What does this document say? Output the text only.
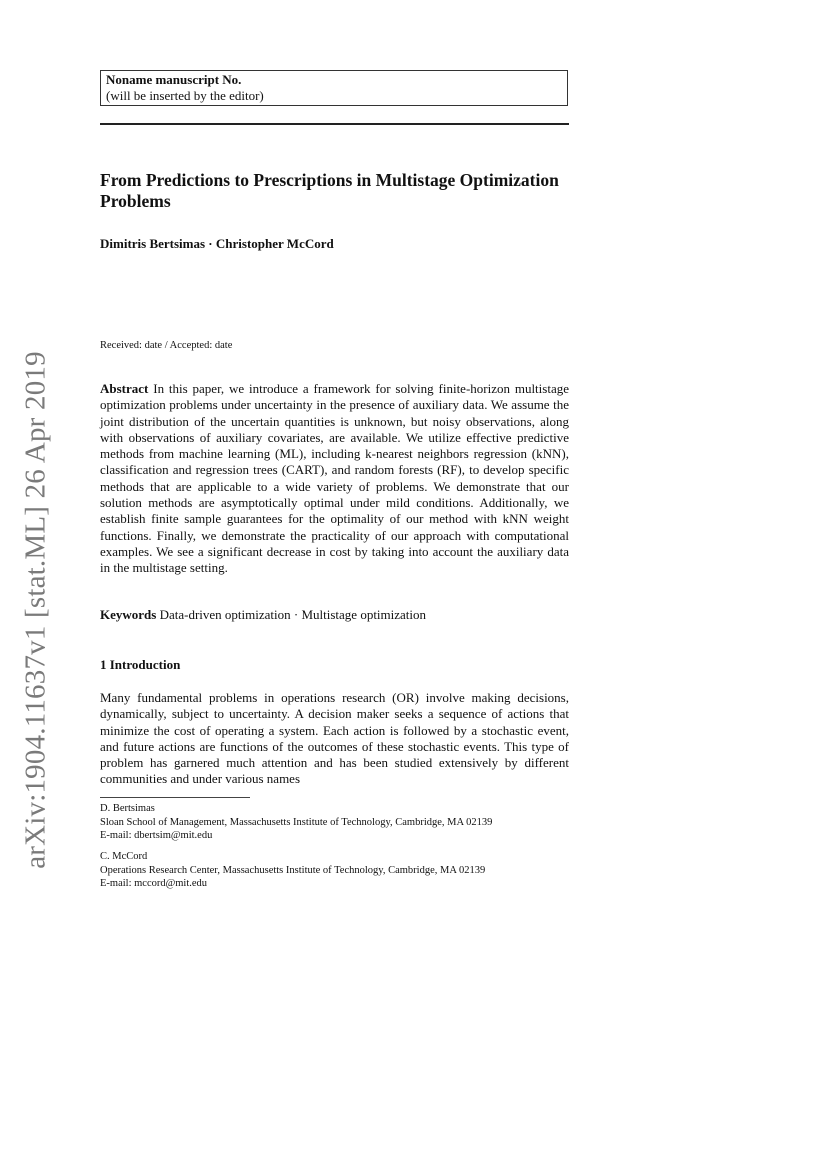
arXiv:1904.11637v1 [stat.ML] 26 Apr 2019
Noname manuscript No.
(will be inserted by the editor)
From Predictions to Prescriptions in Multistage Optimization Problems
Dimitris Bertsimas · Christopher McCord
Received: date / Accepted: date
Abstract In this paper, we introduce a framework for solving finite-horizon multistage optimization problems under uncertainty in the presence of auxiliary data. We assume the joint distribution of the uncertain quantities is unknown, but noisy observations, along with observations of auxiliary covariates, are available. We utilize effective predictive methods from machine learning (ML), including k-nearest neighbors regression (kNN), classification and regression trees (CART), and random forests (RF), to develop specific methods that are applicable to a wide variety of problems. We demonstrate that our solution methods are asymptotically optimal under mild conditions. Additionally, we establish finite sample guarantees for the optimality of our method with kNN weight functions. Finally, we demonstrate the practicality of our approach with computational examples. We see a significant decrease in cost by taking into account the auxiliary data in the multistage setting.
Keywords Data-driven optimization · Multistage optimization
1 Introduction
Many fundamental problems in operations research (OR) involve making decisions, dynamically, subject to uncertainty. A decision maker seeks a sequence of actions that minimize the cost of operating a system. Each action is followed by a stochastic event, and future actions are functions of the outcomes of these stochastic events. This type of problem has garnered much attention and has been studied extensively by different communities and under various names
D. Bertsimas
Sloan School of Management, Massachusetts Institute of Technology, Cambridge, MA 02139
E-mail: dbertsim@mit.edu
C. McCord
Operations Research Center, Massachusetts Institute of Technology, Cambridge, MA 02139
E-mail: mccord@mit.edu
